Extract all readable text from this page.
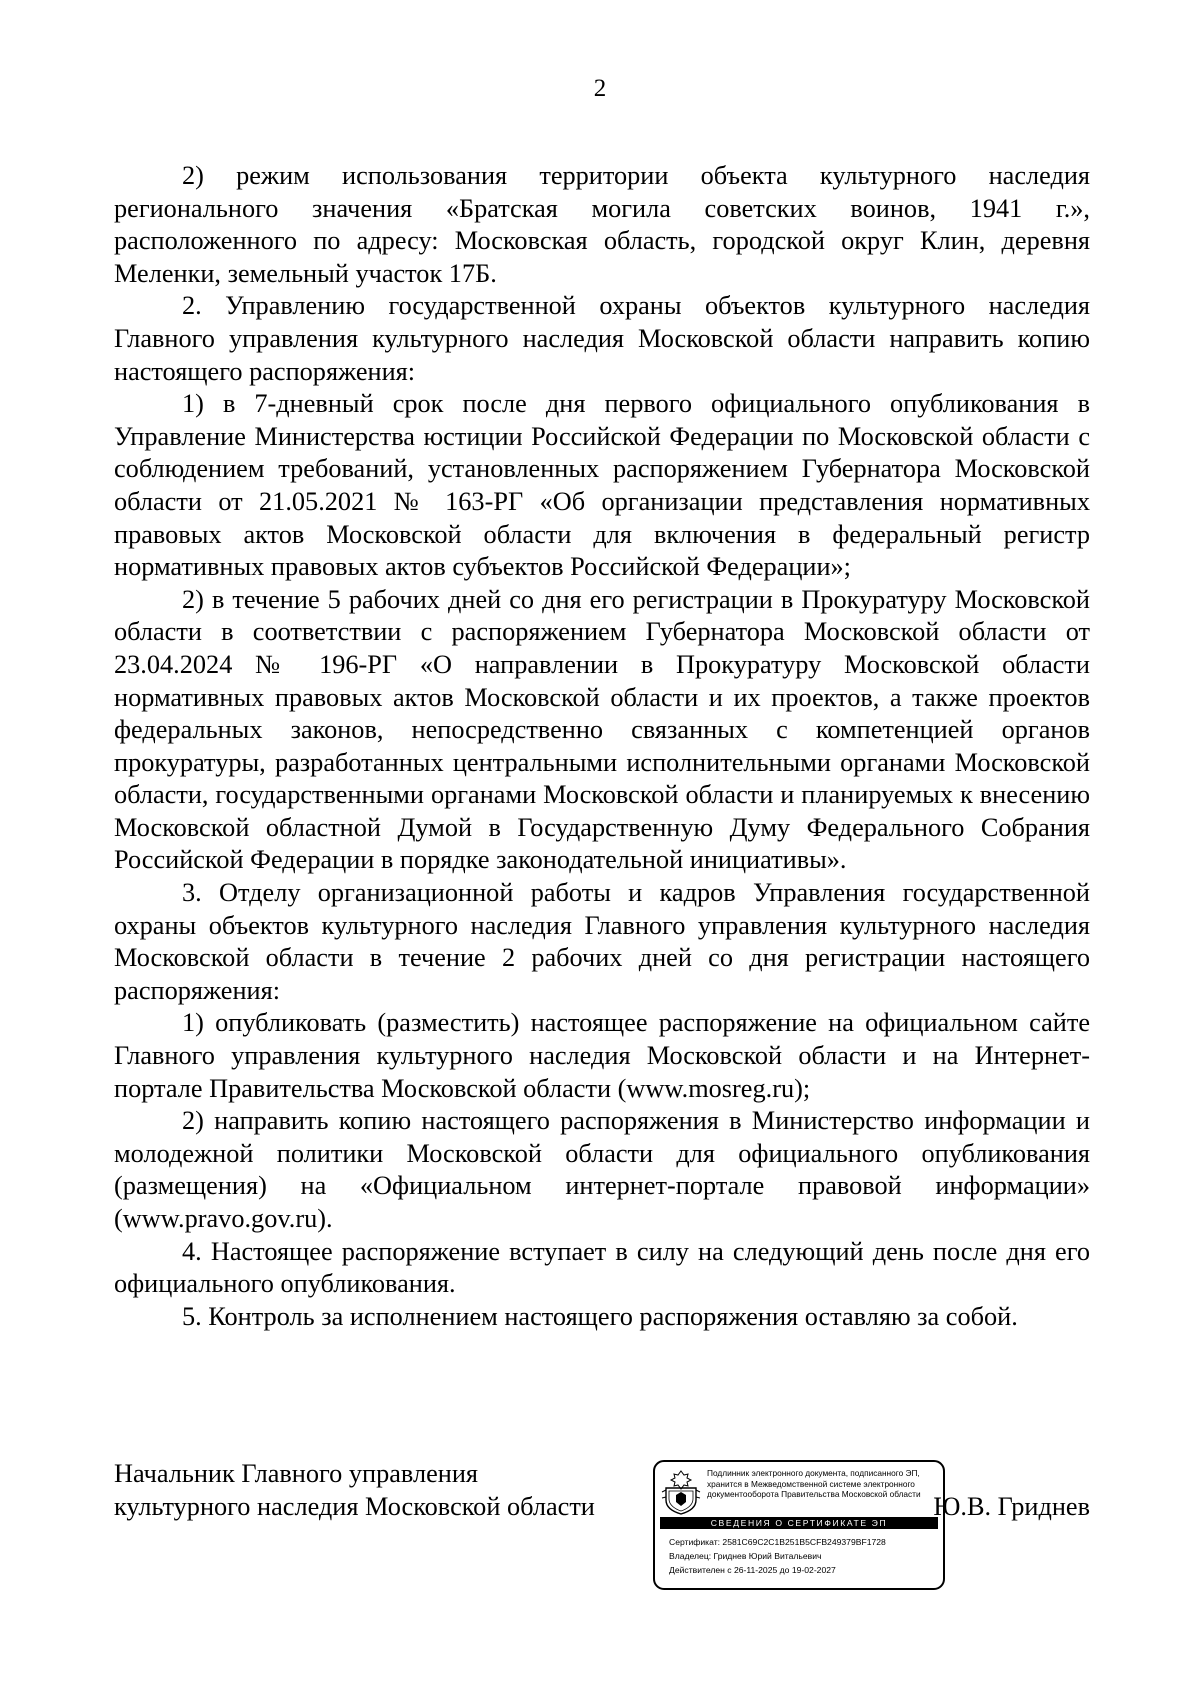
2

2) режим использования территории объекта культурного наследия регионального значения «Братская могила советских воинов, 1941 г.», расположенного по адресу: Московская область, городской округ Клин, деревня Меленки, земельный участок 17Б.

2. Управлению государственной охраны объектов культурного наследия Главного управления культурного наследия Московской области направить копию настоящего распоряжения:

1) в 7-дневный срок после дня первого официального опубликования в Управление Министерства юстиции Российской Федерации по Московской области с соблюдением требований, установленных распоряжением Губернатора Московской области от 21.05.2021 № 163-РГ «Об организации представления нормативных правовых актов Московской области для включения в федеральный регистр нормативных правовых актов субъектов Российской Федерации»;

2) в течение 5 рабочих дней со дня его регистрации в Прокуратуру Московской области в соответствии с распоряжением Губернатора Московской области от 23.04.2024 № 196-РГ «О направлении в Прокуратуру Московской области нормативных правовых актов Московской области и их проектов, а также проектов федеральных законов, непосредственно связанных с компетенцией органов прокуратуры, разработанных центральными исполнительными органами Московской области, государственными органами Московской области и планируемых к внесению Московской областной Думой в Государственную Думу Федерального Собрания Российской Федерации в порядке законодательной инициативы».

3. Отделу организационной работы и кадров Управления государственной охраны объектов культурного наследия Главного управления культурного наследия Московской области в течение 2 рабочих дней со дня регистрации настоящего распоряжения:

1) опубликовать (разместить) настоящее распоряжение на официальном сайте Главного управления культурного наследия Московской области и на Интернет-портале Правительства Московской области (www.mosreg.ru);

2) направить копию настоящего распоряжения в Министерство информации и молодежной политики Московской области для официального опубликования (размещения) на «Официальном интернет-портале правовой информации» (www.pravo.gov.ru).

4. Настоящее распоряжение вступает в силу на следующий день после дня его официального опубликования.

5. Контроль за исполнением настоящего распоряжения оставляю за собой.

Начальник Главного управления
культурного наследия Московской области
Подлинник электронного документа, подписанного ЭП,
хранится в Межведомственной системе электронного
документооборота Правительства Московской области
СВЕДЕНИЯ О СЕРТИФИКАТЕ ЭП
Сертификат: 2581C69C2C1B251B5CFB249379BF1728
Владелец: Гриднев Юрий Витальевич
Действителен с 26-11-2025 до 19-02-2027
Ю.В. Гриднев
